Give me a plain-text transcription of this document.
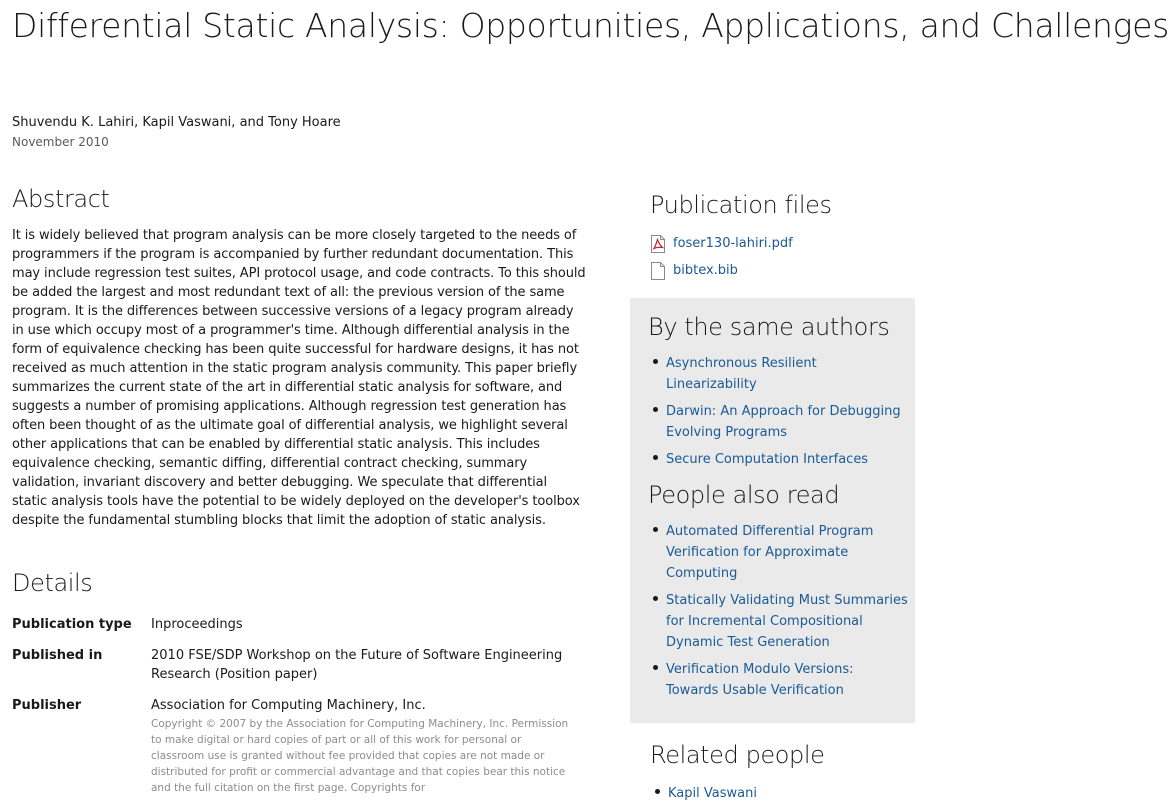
Differential Static Analysis: Opportunities, Applications, and Challenges
Shuvendu K. Lahiri, Kapil Vaswani, and Tony Hoare
November 2010
Abstract

It is widely believed that program analysis can be more closely targeted to the needs of programmers if the program is accompanied by further redundant documentation. This may include regression test suites, API protocol usage, and code contracts. To this should be added the largest and most redundant text of all: the previous version of the same program. It is the differences between successive versions of a legacy program already in use which occupy most of a programmer's time. Although differential analysis in the form of equivalence checking has been quite successful for hardware designs, it has not received as much attention in the static program analysis community. This paper briefly summarizes the current state of the art in differential static analysis for software, and suggests a number of promising applications. Although regression test generation has often been thought of as the ultimate goal of differential analysis, we highlight several other applications that can be enabled by differential static analysis. This includes equivalence checking, semantic diffing, differential contract checking, summary validation, invariant discovery and better debugging. We speculate that differential static analysis tools have the potential to be widely deployed on the developer's toolbox despite the fundamental stumbling blocks that limit the adoption of static analysis.

Details
Publication type	Inproceedings
Published in	2010 FSE/SDP Workshop on the Future of Software Engineering Research (Position paper)
Publisher	Association for Computing Machinery, Inc.
Copyright © 2007 by the Association for Computing Machinery, Inc. Permission to make digital or hard copies of part or all of this work for personal or classroom use is granted without fee provided that copies are not made or distributed for profit or commercial advantage and that copies bear this notice and the full citation on the first page. Copyrights for
Publication files
foser130-lahiri.pdf
bibtex.bib
By the same authors
Asynchronous Resilient Linearizability
Darwin: An Approach for Debugging Evolving Programs
Secure Computation Interfaces
People also read
Automated Differential Program Verification for Approximate Computing
Statically Validating Must Summaries for Incremental Compositional Dynamic Test Generation
Verification Modulo Versions: Towards Usable Verification
Related people
Kapil Vaswani
